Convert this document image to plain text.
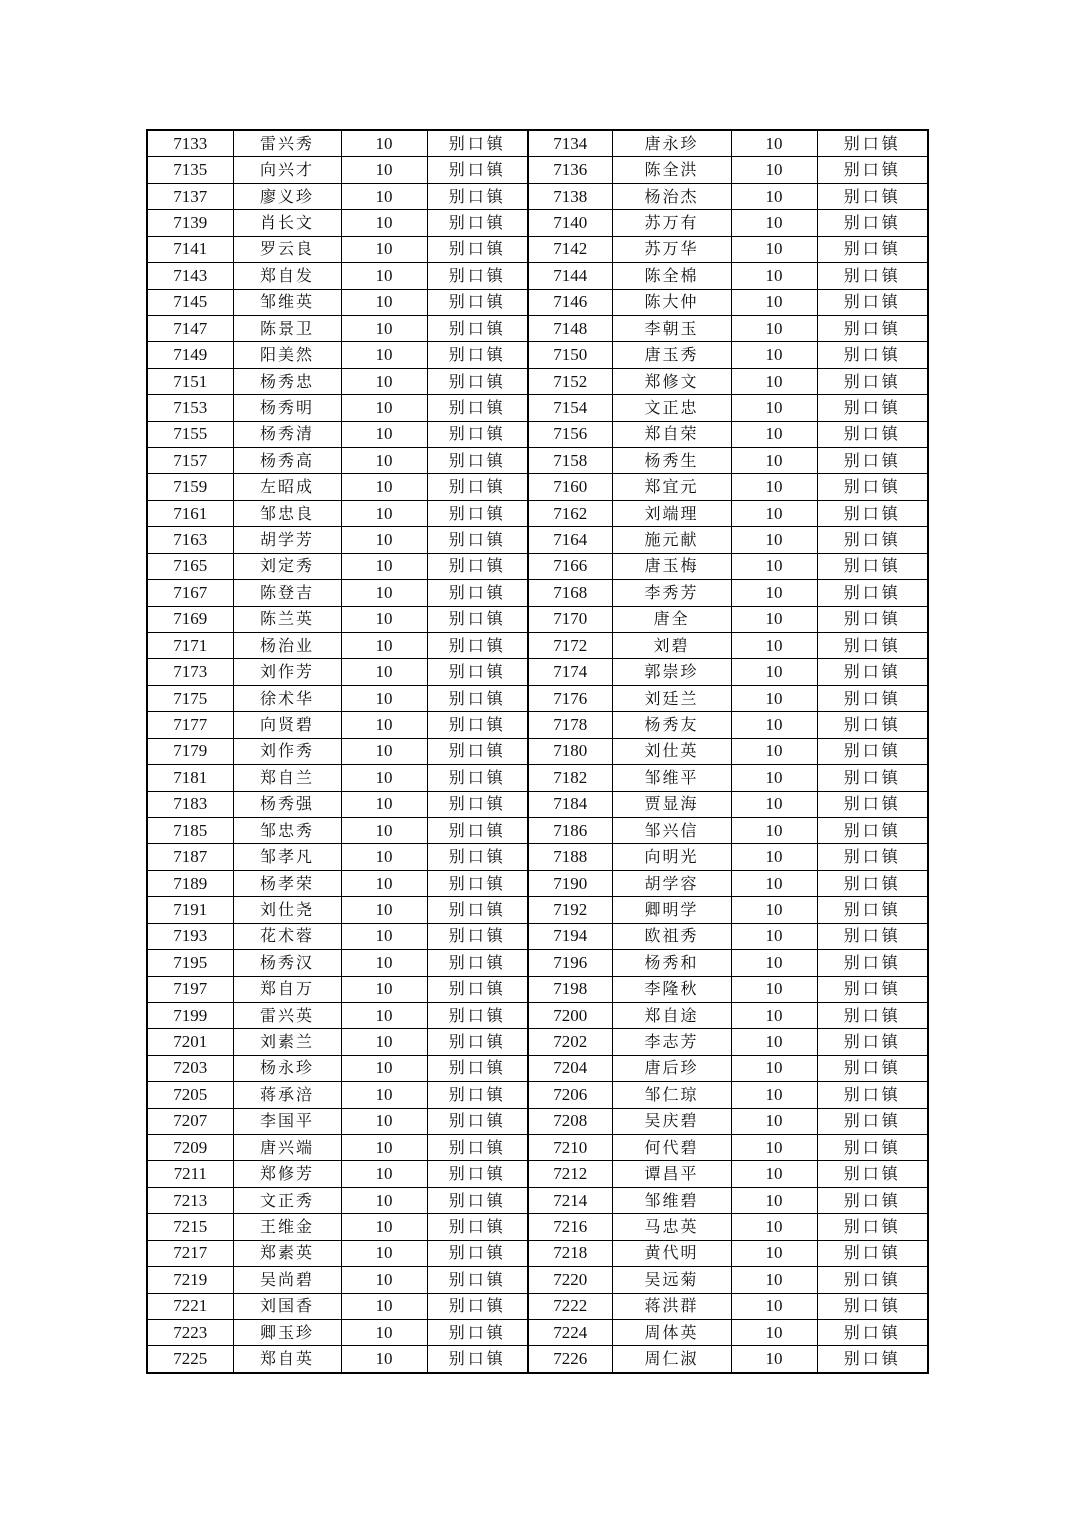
7133	雷兴秀	10	别口镇	7134	唐永珍	10	别口镇
7135	向兴才	10	别口镇	7136	陈全洪	10	别口镇
7137	廖义珍	10	别口镇	7138	杨治杰	10	别口镇
7139	肖长文	10	别口镇	7140	苏万有	10	别口镇
7141	罗云良	10	别口镇	7142	苏万华	10	别口镇
7143	郑自发	10	别口镇	7144	陈全棉	10	别口镇
7145	邹维英	10	别口镇	7146	陈大仲	10	别口镇
7147	陈景卫	10	别口镇	7148	李朝玉	10	别口镇
7149	阳美然	10	别口镇	7150	唐玉秀	10	别口镇
7151	杨秀忠	10	别口镇	7152	郑修文	10	别口镇
7153	杨秀明	10	别口镇	7154	文正忠	10	别口镇
7155	杨秀清	10	别口镇	7156	郑自荣	10	别口镇
7157	杨秀高	10	别口镇	7158	杨秀生	10	别口镇
7159	左昭成	10	别口镇	7160	郑宜元	10	别口镇
7161	邹忠良	10	别口镇	7162	刘端理	10	别口镇
7163	胡学芳	10	别口镇	7164	施元献	10	别口镇
7165	刘定秀	10	别口镇	7166	唐玉梅	10	别口镇
7167	陈登吉	10	别口镇	7168	李秀芳	10	别口镇
7169	陈兰英	10	别口镇	7170	唐全	10	别口镇
7171	杨治业	10	别口镇	7172	刘碧	10	别口镇
7173	刘作芳	10	别口镇	7174	郭崇珍	10	别口镇
7175	徐术华	10	别口镇	7176	刘廷兰	10	别口镇
7177	向贤碧	10	别口镇	7178	杨秀友	10	别口镇
7179	刘作秀	10	别口镇	7180	刘仕英	10	别口镇
7181	郑自兰	10	别口镇	7182	邹维平	10	别口镇
7183	杨秀强	10	别口镇	7184	贾显海	10	别口镇
7185	邹忠秀	10	别口镇	7186	邹兴信	10	别口镇
7187	邹孝凡	10	别口镇	7188	向明光	10	别口镇
7189	杨孝荣	10	别口镇	7190	胡学容	10	别口镇
7191	刘仕尧	10	别口镇	7192	卿明学	10	别口镇
7193	花术蓉	10	别口镇	7194	欧祖秀	10	别口镇
7195	杨秀汉	10	别口镇	7196	杨秀和	10	别口镇
7197	郑自万	10	别口镇	7198	李隆秋	10	别口镇
7199	雷兴英	10	别口镇	7200	郑自途	10	别口镇
7201	刘素兰	10	别口镇	7202	李志芳	10	别口镇
7203	杨永珍	10	别口镇	7204	唐后珍	10	别口镇
7205	蒋承涪	10	别口镇	7206	邹仁琼	10	别口镇
7207	李国平	10	别口镇	7208	吴庆碧	10	别口镇
7209	唐兴端	10	别口镇	7210	何代碧	10	别口镇
7211	郑修芳	10	别口镇	7212	谭昌平	10	别口镇
7213	文正秀	10	别口镇	7214	邹维碧	10	别口镇
7215	王维金	10	别口镇	7216	马忠英	10	别口镇
7217	郑素英	10	别口镇	7218	黄代明	10	别口镇
7219	吴尚碧	10	别口镇	7220	吴远菊	10	别口镇
7221	刘国香	10	别口镇	7222	蒋洪群	10	别口镇
7223	卿玉珍	10	别口镇	7224	周体英	10	别口镇
7225	郑自英	10	别口镇	7226	周仁淑	10	别口镇
